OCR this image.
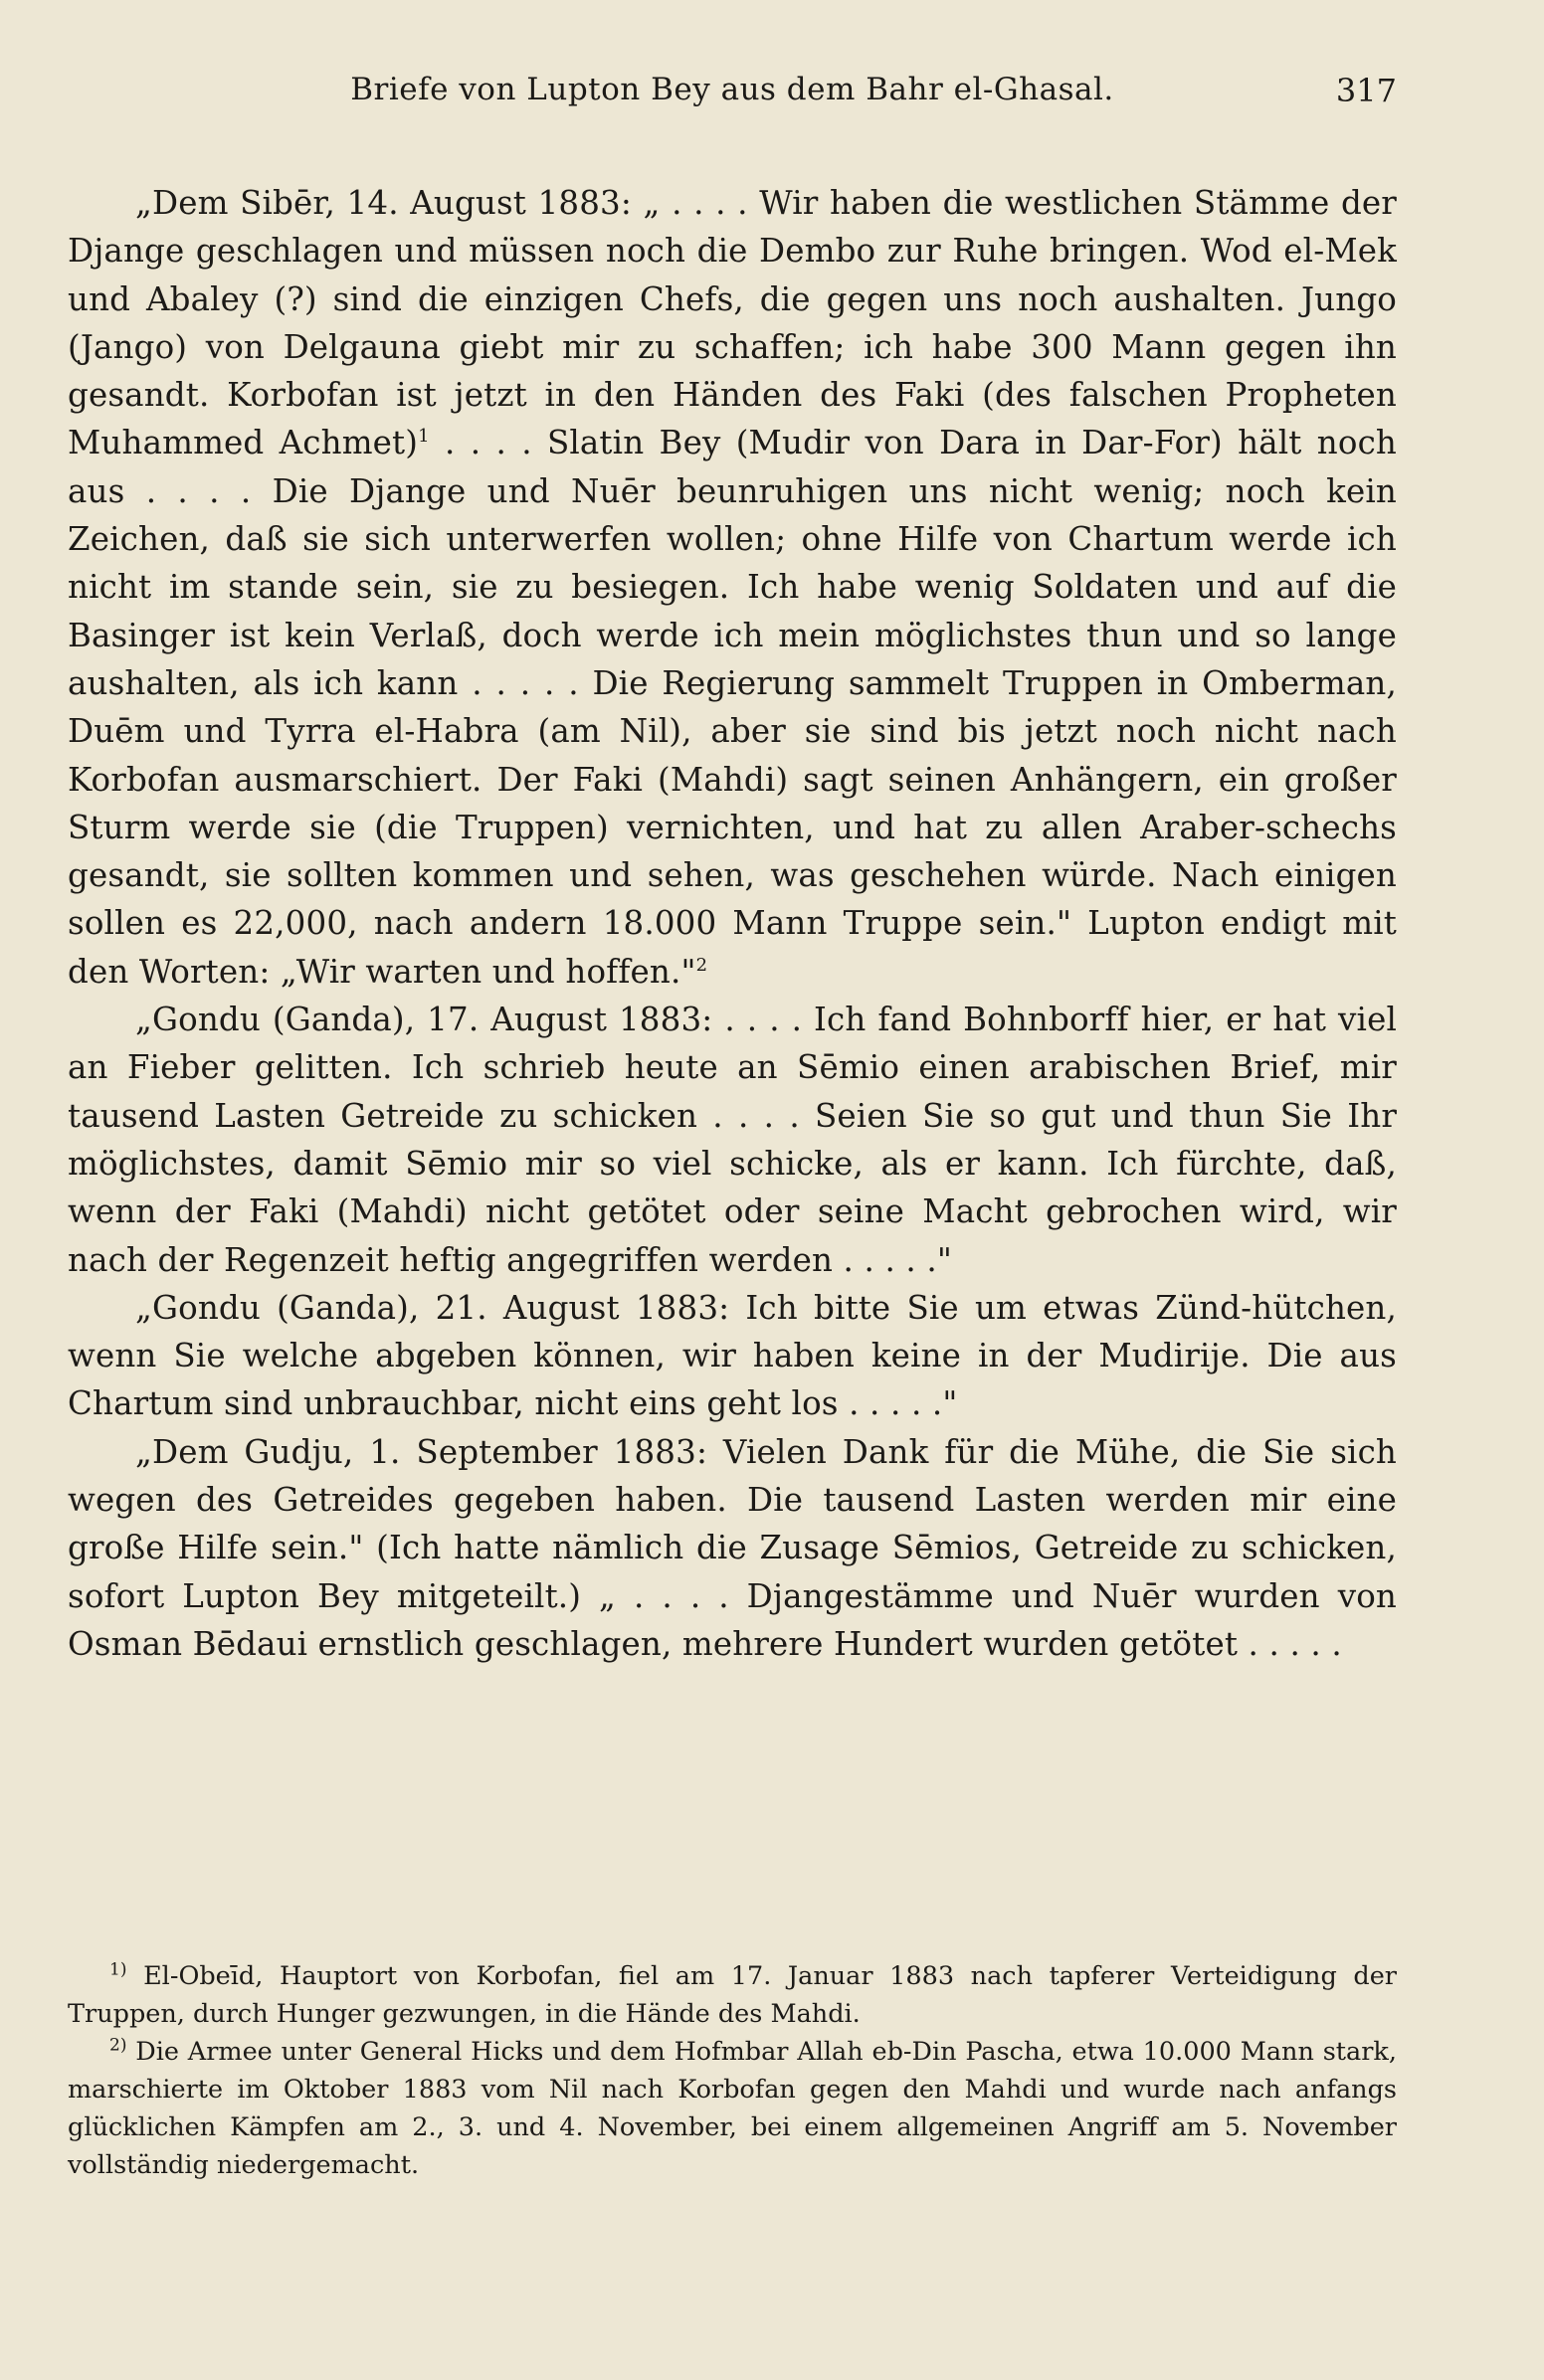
Briefe von Lupton Bey aus dem Bahr el-Ghasal.	317

„Dem Sibēr, 14. August 1883: „ . . . . Wir haben die westlichen Stämme der Djange geschlagen und müssen noch die Dembo zur Ruhe bringen. Wod el-Mek und Abaley (?) sind die einzigen Chefs, die gegen uns noch aushalten. Jungo (Jango) von Delgauna giebt mir zu schaffen; ich habe 300 Mann gegen ihn gesandt. Korbofan ist jetzt in den Händen des Faki (des falschen Propheten Muhammed Achmet)$^1$ . . . . Slatin Bey (Mudir von Dara in Dar-For) hält noch aus . . . . Die Djange und Nuēr beunruhigen uns nicht wenig; noch kein Zeichen, daß sie sich unterwerfen wollen; ohne Hilfe von Chartum werde ich nicht im stande sein, sie zu besiegen. Ich habe wenig Soldaten und auf die Basinger ist kein Verlaß, doch werde ich mein möglichstes thun und so lange aushalten, als ich kann . . . . . Die Regierung sammelt Truppen in Omberman, Duēm und Tyrra el-Habra (am Nil), aber sie sind bis jetzt noch nicht nach Korbofan ausmarschiert. Der Faki (Mahdi) sagt seinen Anhängern, ein großer Sturm werde sie (die Truppen) vernichten, und hat zu allen Araber-schechs gesandt, sie sollten kommen und sehen, was geschehen würde. Nach einigen sollen es 22,000, nach andern 18.000 Mann Truppe sein." Lupton endigt mit den Worten: „Wir warten und hoffen."$^2$

„Gondu (Ganda), 17. August 1883: . . . . Ich fand Bohnborff hier, er hat viel an Fieber gelitten. Ich schrieb heute an Sēmio einen arabischen Brief, mir tausend Lasten Getreide zu schicken . . . . Seien Sie so gut und thun Sie Ihr möglichstes, damit Sēmio mir so viel schicke, als er kann. Ich fürchte, daß, wenn der Faki (Mahdi) nicht getötet oder seine Macht gebrochen wird, wir nach der Regenzeit heftig angegriffen werden . . . . ."

„Gondu (Ganda), 21. August 1883: Ich bitte Sie um etwas Zünd-hütchen, wenn Sie welche abgeben können, wir haben keine in der Mudirije. Die aus Chartum sind unbrauchbar, nicht eins geht los . . . . ."

„Dem Gudju, 1. September 1883: Vielen Dank für die Mühe, die Sie sich wegen des Getreides gegeben haben. Die tausend Lasten werden mir eine große Hilfe sein." (Ich hatte nämlich die Zusage Sēmios, Getreide zu schicken, sofort Lupton Bey mitgeteilt.) „ . . . . Djangestämme und Nuēr wurden von Osman Bēdaui ernstlich geschlagen, mehrere Hundert wurden getötet . . . . .

$^{1)}$ El-Obeīd, Hauptort von Korbofan, fiel am 17. Januar 1883 nach tapferer Verteidigung der Truppen, durch Hunger gezwungen, in die Hände des Mahdi.

$^{2)}$ Die Armee unter General Hicks und dem Hofmbar Allah eb-Din Pascha, etwa 10.000 Mann stark, marschierte im Oktober 1883 vom Nil nach Korbofan gegen den Mahdi und wurde nach anfangs glücklichen Kämpfen am 2., 3. und 4. November, bei einem allgemeinen Angriff am 5. November vollständig niedergemacht.
